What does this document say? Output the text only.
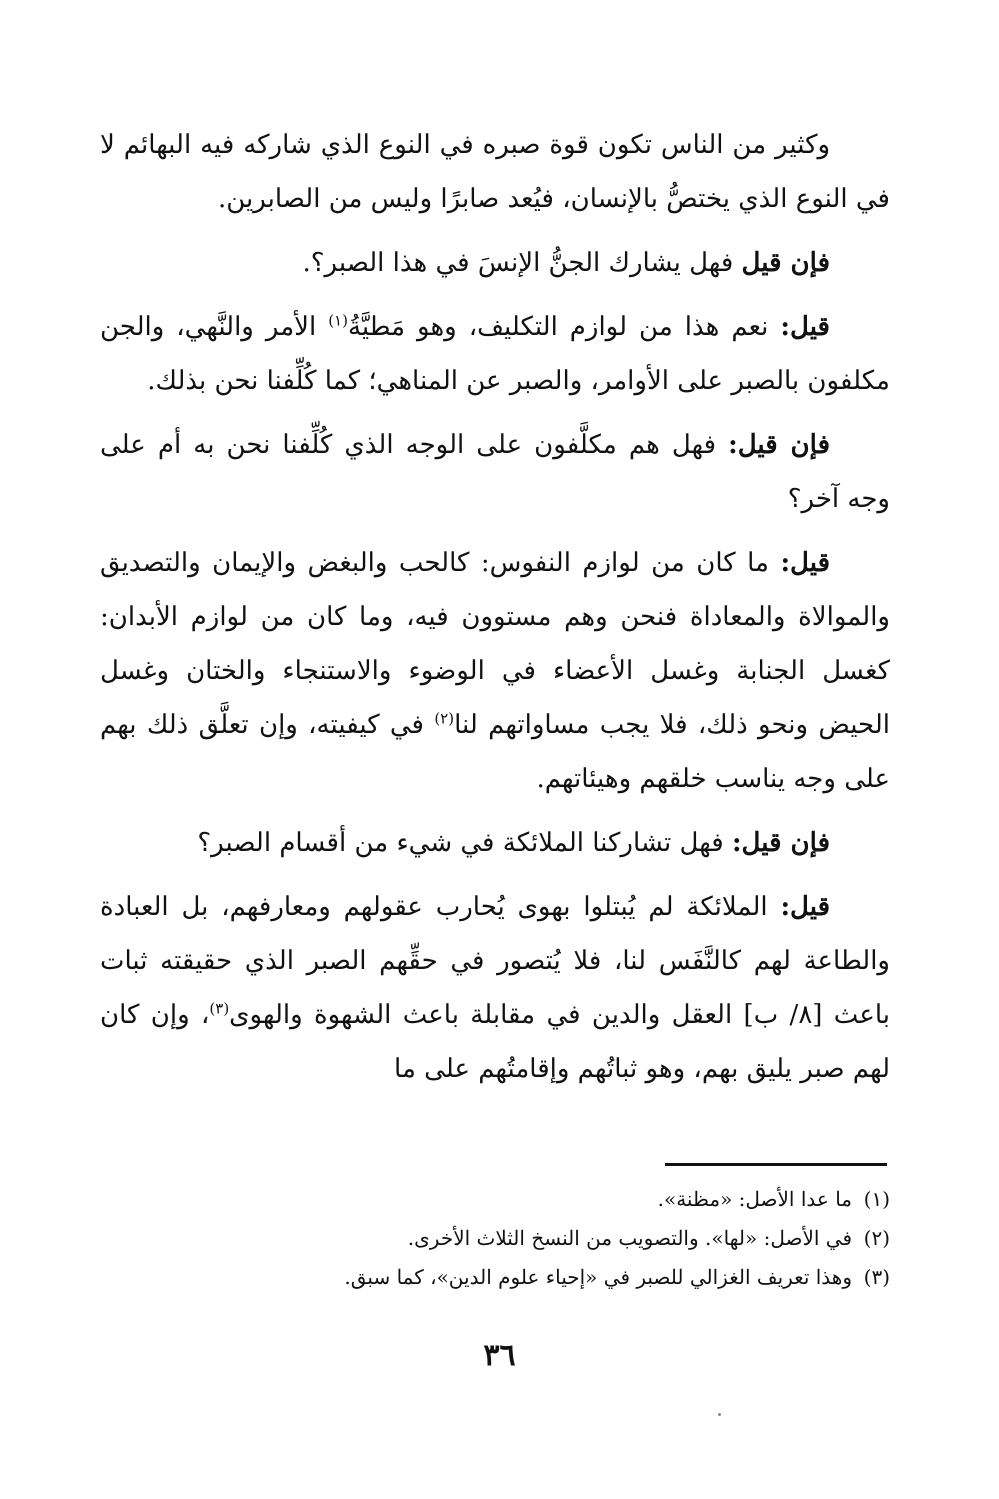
وكثير من الناس تكون قوة صبره في النوع الذي شاركه فيه البهائم لا في النوع الذي يختصُّ بالإنسان، فيُعد صابرًا وليس من الصابرين.

فإن قيل فهل يشارك الجنُّ الإنسَ في هذا الصبر؟.

قيل: نعم هذا من لوازم التكليف، وهو مَطيَّةُ$^{(١)}$ الأمر والنَّهي، والجن مكلفون بالصبر على الأوامر، والصبر عن المناهي؛ كما كُلِّفنا نحن بذلك.

فإن قيل: فهل هم مكلَّفون على الوجه الذي كُلِّفنا نحن به أم على وجه آخر؟

قيل: ما كان من لوازم النفوس: كالحب والبغض والإيمان والتصديق والموالاة والمعاداة فنحن وهم مستوون فيه، وما كان من لوازم الأبدان: كغسل الجنابة وغسل الأعضاء في الوضوء والاستنجاء والختان وغسل الحيض ونحو ذلك، فلا يجب مساواتهم لنا$^{(٢)}$ في كيفيته، وإن تعلَّق ذلك بهم على وجه يناسب خلقهم وهيئاتهم.

فإن قيل: فهل تشاركنا الملائكة في شيء من أقسام الصبر؟

قيل: الملائكة لم يُبتلوا بهوى يُحارب عقولهم ومعارفهم، بل العبادة والطاعة لهم كالنَّفَس لنا، فلا يُتصور في حقِّهم الصبر الذي حقيقته ثبات باعث [٨/ ب] العقل والدين في مقابلة باعث الشهوة والهوى$^{(٣)}$، وإن كان لهم صبر يليق بهم، وهو ثباتُهم وإقامتُهم على ما

(١)ما عدا الأصل: «مظنة».

(٢)في الأصل: «لها». والتصويب من النسخ الثلاث الأخرى.

(٣)وهذا تعريف الغزالي للصبر في «إحياء علوم الدين»، كما سبق.

٣٦
